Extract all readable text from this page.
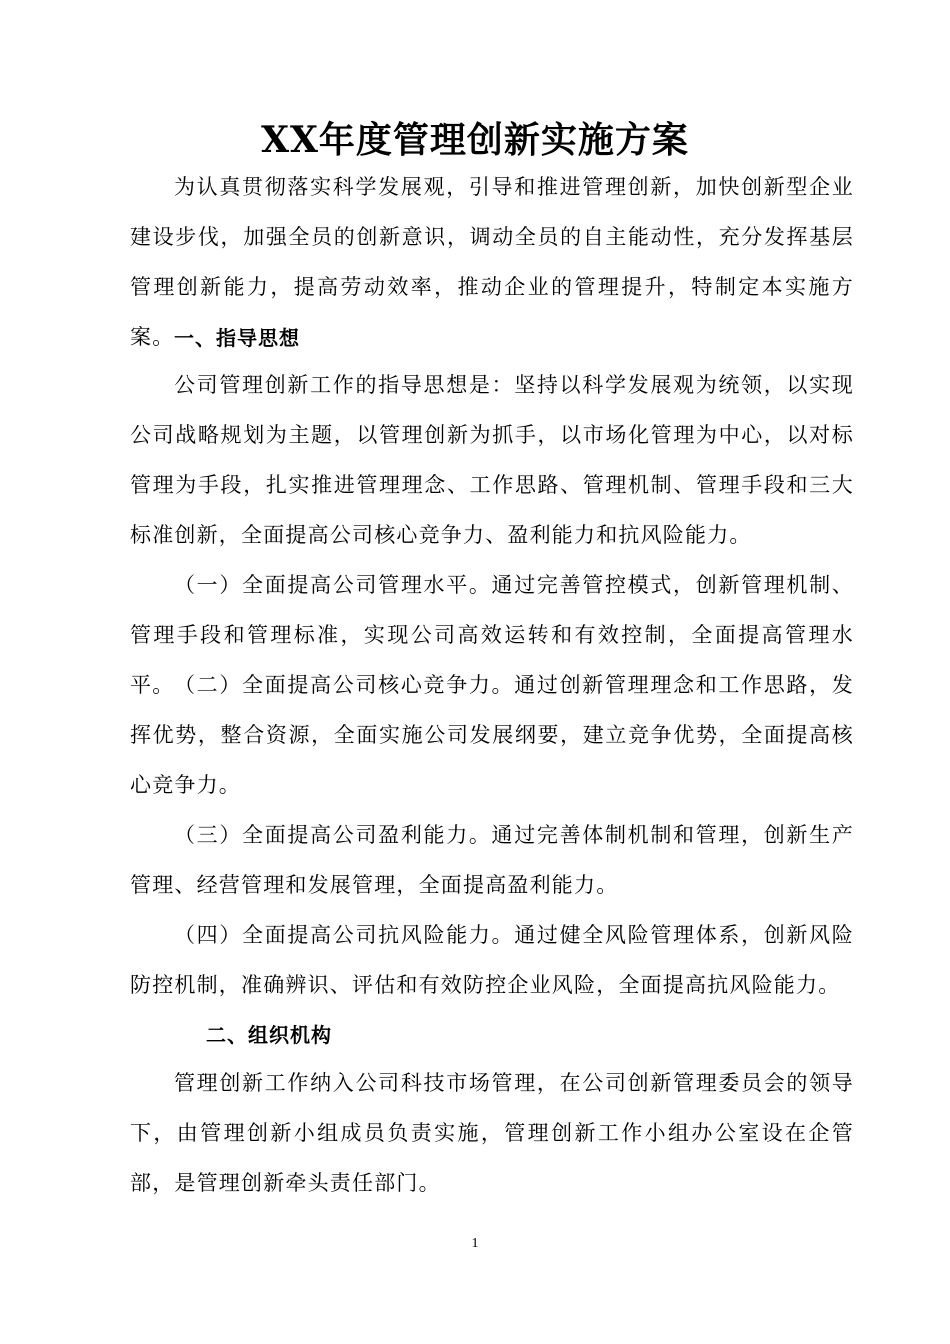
XX年度管理创新实施方案
为认真贯彻落实科学发展观，引导和推进管理创新，加快创新型企业建设步伐，加强全员的创新意识，调动全员的自主能动性，充分发挥基层管理创新能力，提高劳动效率，推动企业的管理提升，特制定本实施方案。 一、指导思想
公司管理创新工作的指导思想是：坚持以科学发展观为统领，以实现公司战略规划为主题，以管理创新为抓手，以市场化管理为中心，以对标管理为手段，扎实推进管理理念、工作思路、管理机制、管理手段和三大标准创新，全面提高公司核心竞争力、盈利能力和抗风险能力。
（一）全面提高公司管理水平。通过完善管控模式，创新管理机制、管理手段和管理标准，实现公司高效运转和有效控制，全面提高管理水平。 （二）全面提高公司核心竞争力。通过创新管理理念和工作思路，发挥优势，整合资源，全面实施公司发展纲要，建立竞争优势，全面提高核心竞争力。
（三）全面提高公司盈利能力。通过完善体制机制和管理，创新生产管理、经营管理和发展管理，全面提高盈利能力。
（四）全面提高公司抗风险能力。通过健全风险管理体系，创新风险防控机制，准确辨识、评估和有效防控企业风险，全面提高抗风险能力。
二、组织机构
管理创新工作纳入公司科技市场管理，在公司创新管理委员会的领导下，由管理创新小组成员负责实施，管理创新工作小组办公室设在企管部，是管理创新牵头责任部门。
1
